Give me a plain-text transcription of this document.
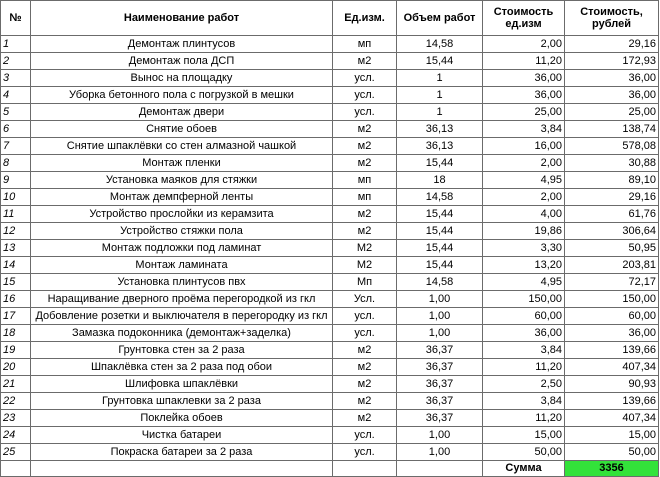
№	Наименование работ	Ед.изм.	Объем работ	Стоимость ед.изм	Стоимость, рублей
1	Демонтаж плинтусов	мп	14,58	2,00	29,16
2	Демонтаж пола ДСП	м2	15,44	11,20	172,93
3	Вынос на площадку	усл.	1	36,00	36,00
4	Уборка бетонного пола с погрузкой в мешки	усл.	1	36,00	36,00
5	Демонтаж двери	усл.	1	25,00	25,00
6	Снятие обоев	м2	36,13	3,84	138,74
7	Снятие шпаклёвки со стен алмазной чашкой	м2	36,13	16,00	578,08
8	Монтаж пленки	м2	15,44	2,00	30,88
9	Установка маяков для стяжки	мп	18	4,95	89,10
10	Монтаж демпферной ленты	мп	14,58	2,00	29,16
11	Устройство прослойки из керамзита	м2	15,44	4,00	61,76
12	Устройство стяжки пола	м2	15,44	19,86	306,64
13	Монтаж подложки под ламинат	М2	15,44	3,30	50,95
14	Монтаж ламината	М2	15,44	13,20	203,81
15	Установка плинтусов пвх	Мп	14,58	4,95	72,17
16	Наращивание дверного проёма перегородкой из гкл	Усл.	1,00	150,00	150,00
17	Добовление розетки и выключателя в перегородку из гкл	усл.	1,00	60,00	60,00
18	Замазка подоконника (демонтаж+заделка)	усл.	1,00	36,00	36,00
19	Грунтовка стен за 2 раза	м2	36,37	3,84	139,66
20	Шпаклёвка стен за 2 раза под обои	м2	36,37	11,20	407,34
21	Шлифовка шпаклёвки	м2	36,37	2,50	90,93
22	Грунтовка шпаклевки за 2 раза	м2	36,37	3,84	139,66
23	Поклейка обоев	м2	36,37	11,20	407,34
24	Чистка батареи	усл.	1,00	15,00	15,00
25	Покраска батареи за 2 раза	усл.	1,00	50,00	50,00
				Сумма	3356
